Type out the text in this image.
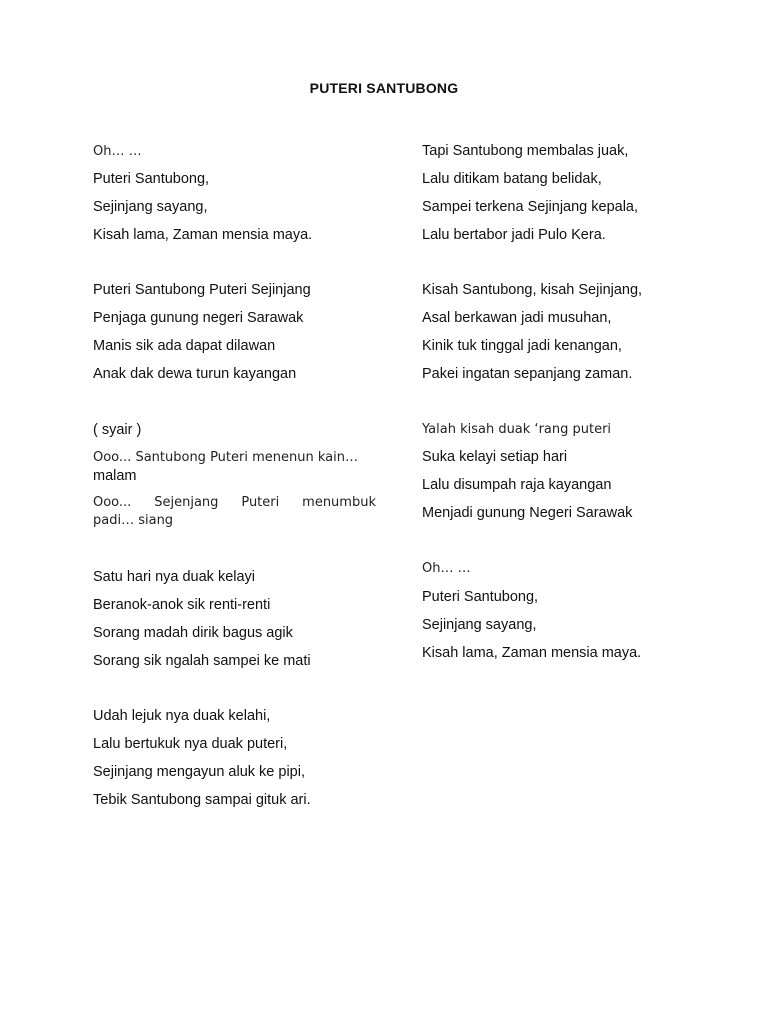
PUTERI SANTUBONG
Oh… …
Puteri Santubong,
Sejinjang sayang,
Kisah lama, Zaman mensia maya.
Puteri Santubong Puteri Sejinjang
Penjaga gunung negeri Sarawak
Manis sik ada dapat dilawan
Anak dak dewa turun kayangan
( syair )
Ooo... Santubong Puteri menenun kain…
malam
Ooo... Sejenjang Puteri menumbuk
padi… siang
Satu hari nya duak kelayi
Beranok-anok sik renti-renti
Sorang madah dirik bagus agik
Sorang sik ngalah sampei ke mati
Udah lejuk nya duak kelahi,
Lalu bertukuk nya duak puteri,
Sejinjang mengayun aluk ke pipi,
Tebik Santubong sampai gituk ari.
Tapi Santubong membalas juak,
Lalu ditikam batang belidak,
Sampei terkena Sejinjang kepala,
Lalu bertabor jadi Pulo Kera.
Kisah Santubong, kisah Sejinjang,
Asal berkawan jadi musuhan,
Kinik tuk tinggal jadi kenangan,
Pakei ingatan sepanjang zaman.
Yalah kisah duak ‘rang puteri
Suka kelayi setiap hari
Lalu disumpah raja kayangan
Menjadi gunung Negeri Sarawak
Oh… …
Puteri Santubong,
Sejinjang sayang,
Kisah lama, Zaman mensia maya.
